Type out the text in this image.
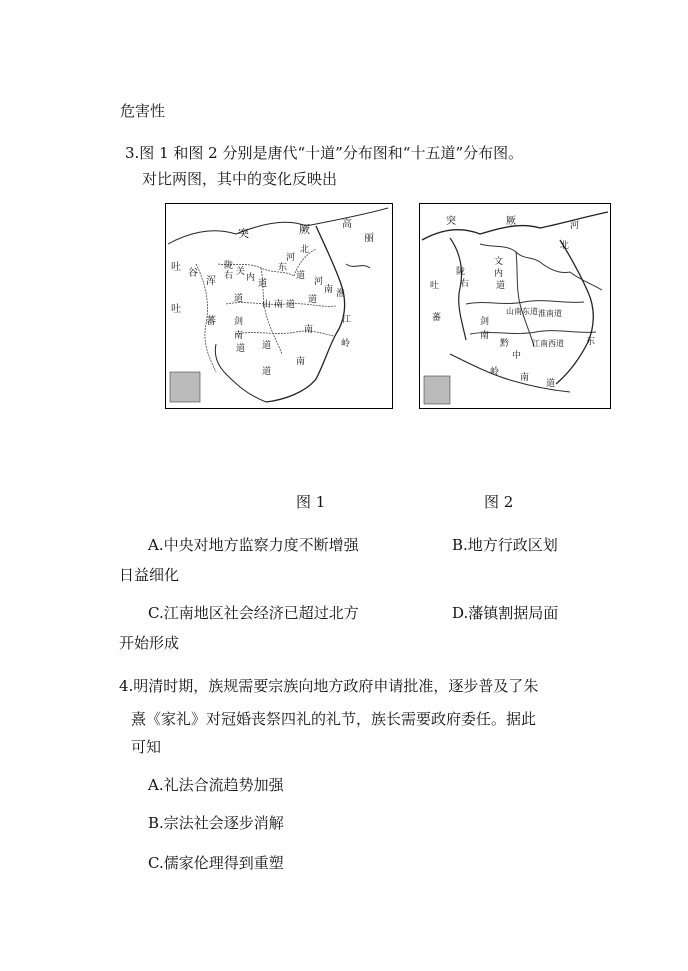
危害性
3.图 1 和图 2 分别是唐代“十道”分布图和“十五道”分布图。
对比两图，其中的变化反映出
突	厥	高
丽
吐
谷
浑
吐
蕃
关
内
道
河
北
东
道
山 南 道
河
南
道
淮
江
剑
南
道
南
道	岭
南
道
陇
右
道
突	厥	河
北
文
内
道
陇
右
吐
蕃
山南东道 淮南道
江南西道 东
黔
中
剑
南
岭
南
道
图 1	图 2
A.中央对地方监察力度不断增强	B.地方行政区划
日益细化
C.江南地区社会经济已超过北方	D.藩镇割据局面
开始形成
4.明清时期，族规需要宗族向地方政府申请批准，逐步普及了朱
熹《家礼》对冠婚丧祭四礼的礼节，族长需要政府委任。据此
可知
A.礼法合流趋势加强
B.宗法社会逐步消解
C.儒家伦理得到重塑
